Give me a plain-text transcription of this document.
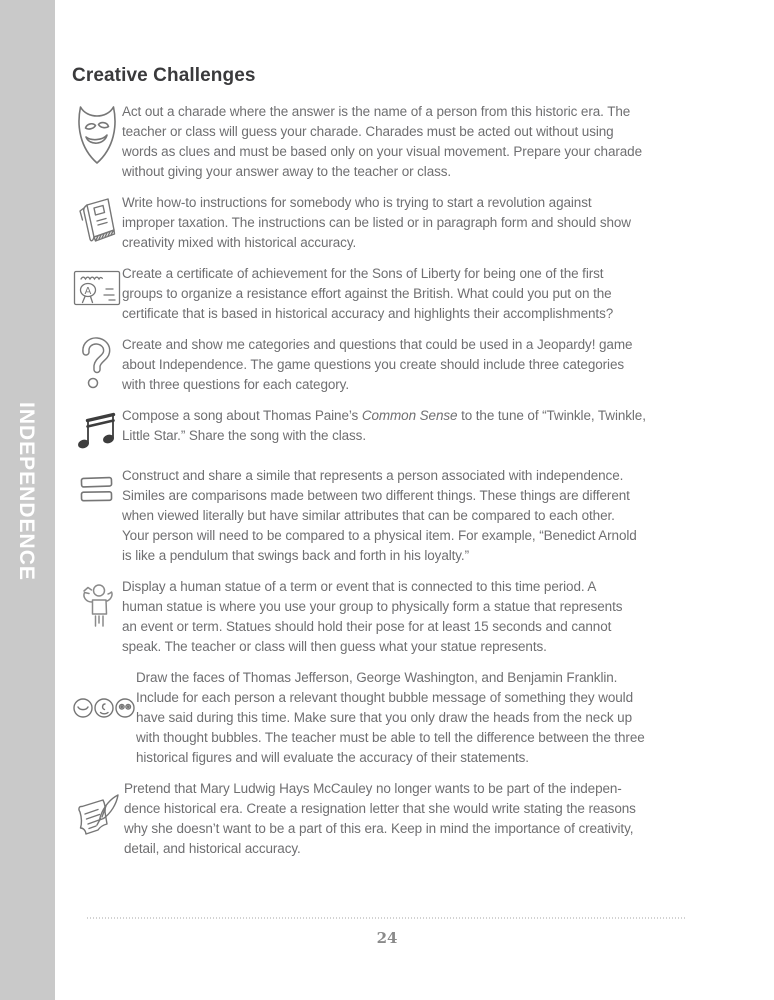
INDEPENDENCE
Creative Challenges
Act out a charade where the answer is the name of a person from this historic era. The
teacher or class will guess your charade. Charades must be acted out without using
words as clues and must be based only on your visual movement. Prepare your charade
without giving your answer away to the teacher or class.
Write how-to instructions for somebody who is trying to start a revolution against
improper taxation. The instructions can be listed or in paragraph form and should show
creativity mixed with historical accuracy.
A
Create a certificate of achievement for the Sons of Liberty for being one of the first
groups to organize a resistance effort against the British. What could you put on the
certificate that is based in historical accuracy and highlights their accomplishments?
Create and show me categories and questions that could be used in a Jeopardy! game
about Independence. The game questions you create should include three categories
with three questions for each category.
Compose a song about Thomas Paine’s Common Sense to the tune of “Twinkle, Twinkle,
Little Star.” Share the song with the class.
Construct and share a simile that represents a person associated with independence.
Similes are comparisons made between two different things. These things are different
when viewed literally but have similar attributes that can be compared to each other.
Your person will need to be compared to a physical item. For example, “Benedict Arnold
is like a pendulum that swings back and forth in his loyalty.”
Display a human statue of a term or event that is connected to this time period. A
human statue is where you use your group to physically form a statue that represents
an event or term. Statues should hold their pose for at least 15 seconds and cannot
speak. The teacher or class will then guess what your statue represents.
Draw the faces of Thomas Jefferson, George Washington, and Benjamin Franklin.
Include for each person a relevant thought bubble message of something they would
have said during this time. Make sure that you only draw the heads from the neck up
with thought bubbles. The teacher must be able to tell the difference between the three
historical figures and will evaluate the accuracy of their statements.
Pretend that Mary Ludwig Hays McCauley no longer wants to be part of the indepen-
dence historical era. Create a resignation letter that she would write stating the reasons
why she doesn’t want to be a part of this era. Keep in mind the importance of creativity,
detail, and historical accuracy.
24
